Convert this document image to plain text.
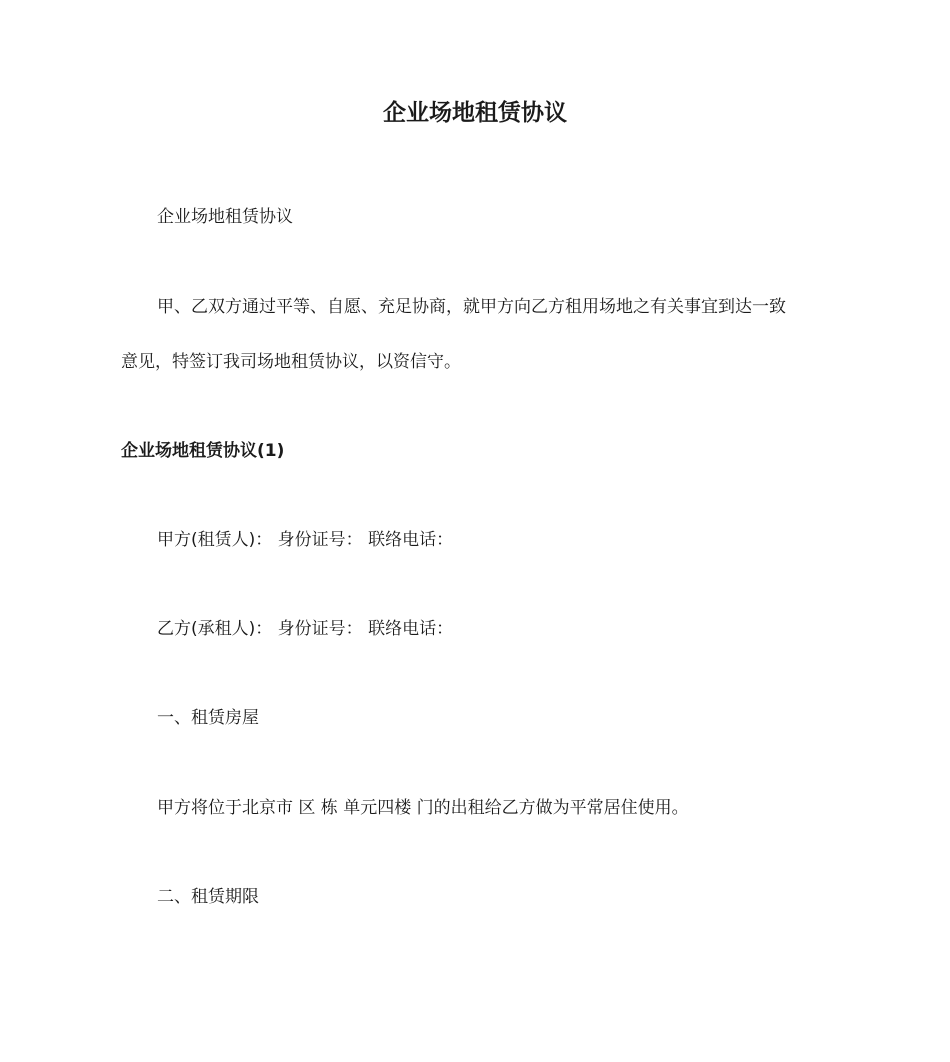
企业场地租赁协议

企业场地租赁协议

甲、乙双方通过平等、自愿、充足协商，就甲方向乙方租用场地之有关事宜到达一致

意见，特签订我司场地租赁协议，以资信守。

企业场地租赁协议(1)

甲方(租赁人)： 身份证号： 联络电话：

乙方(承租人)： 身份证号： 联络电话：

一、租赁房屋

甲方将位于北京市 区 栋 单元四楼 门的出租给乙方做为平常居住使用。

二、租赁期限
